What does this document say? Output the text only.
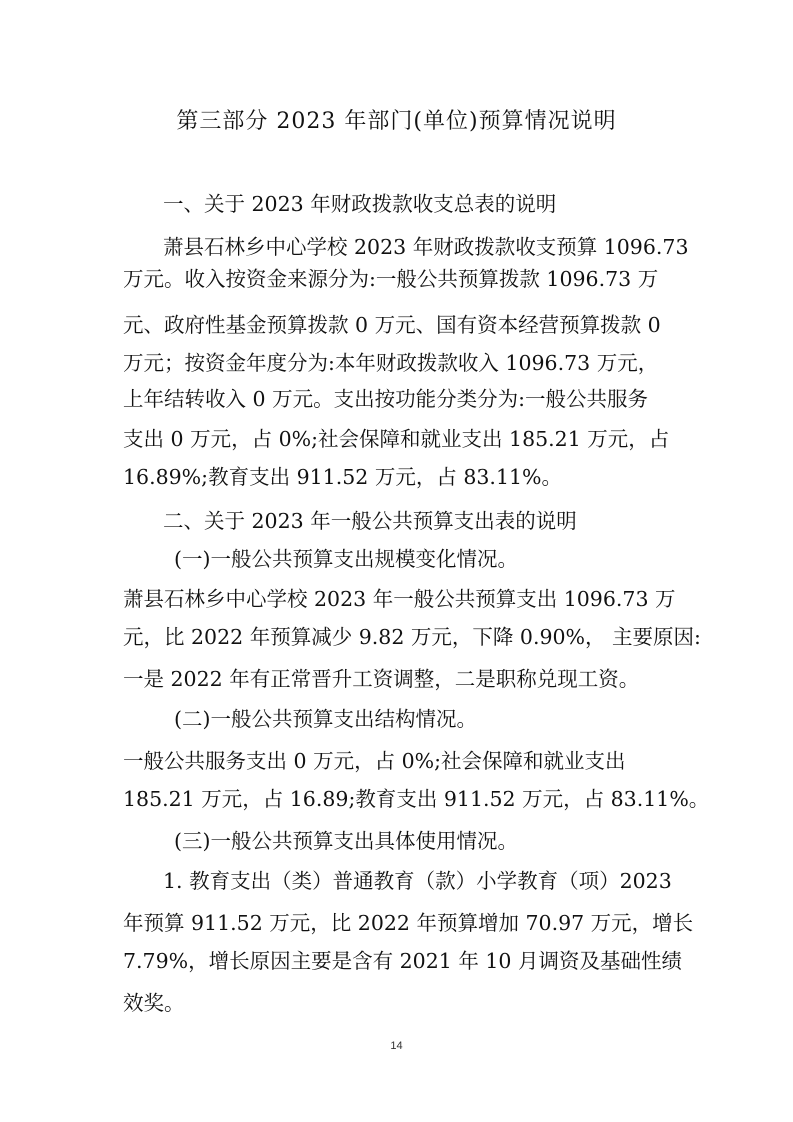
第三部分 2023 年部门(单位)预算情况说明
一、关于 2023 年财政拨款收支总表的说明
萧县石林乡中心学校 2023 年财政拨款收支预算 1096.73
万元。收入按资金来源分为:一般公共预算拨款 1096.73 万
元、政府性基金预算拨款 0 万元、国有资本经营预算拨款 0
万元；按资金年度分为:本年财政拨款收入 1096.73 万元，
上年结转收入 0 万元。支出按功能分类分为:一般公共服务
支出 0 万元，占 0%;社会保障和就业支出 185.21 万元，占
16.89%;教育支出 911.52 万元，占 83.11%。
二、关于 2023 年一般公共预算支出表的说明
(一)一般公共预算支出规模变化情况。
萧县石林乡中心学校 2023 年一般公共预算支出 1096.73 万
元，比 2022 年预算减少 9.82 万元，下降 0.90%， 主要原因:
一是 2022 年有正常晋升工资调整，二是职称兑现工资。
(二)一般公共预算支出结构情况。
一般公共服务支出 0 万元，占 0%;社会保障和就业支出
185.21 万元，占 16.89;教育支出 911.52 万元，占 83.11%。
(三)一般公共预算支出具体使用情况。
1. 教育支出（类）普通教育（款）小学教育（项）2023
年预算 911.52 万元，比 2022 年预算增加 70.97 万元，增长
7.79%，增长原因主要是含有 2021 年 10 月调资及基础性绩
效奖。
14
